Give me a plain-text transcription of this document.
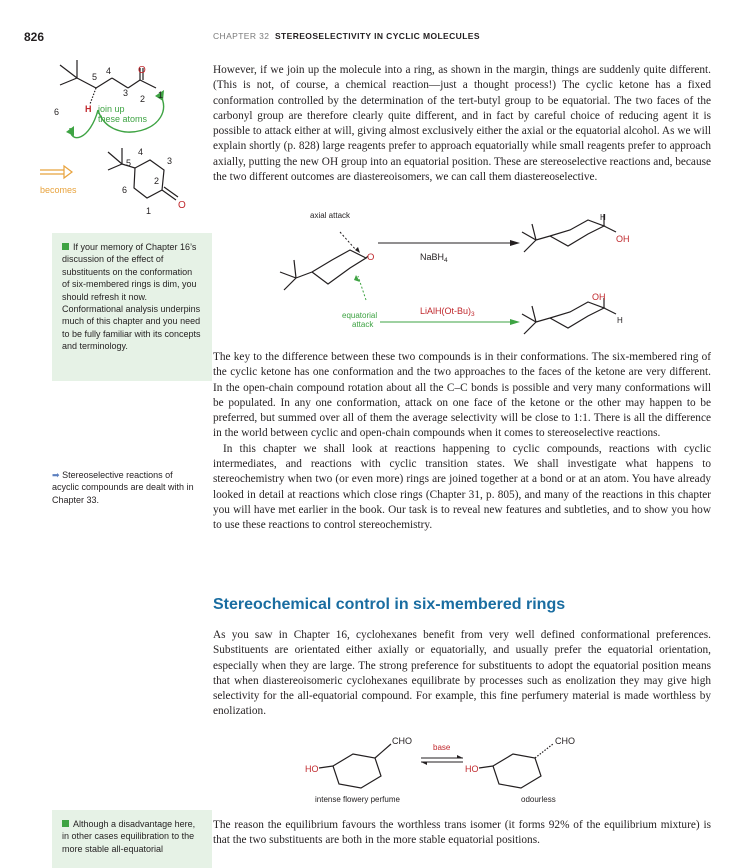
826	CHAPTER 32 STEREOSELECTIVITY IN CYCLIC MOLECULES
O
5
4
3
2 1
6	H join up
these atoms
becomes
4
5	3
2
6
1	O

However, if we join up the molecule into a ring, as shown in the margin, things are suddenly quite different. (This is not, of course, a chemical reaction—just a thought process!) The cyclic ketone has a fixed conformation controlled by the determination of the tert-butyl group to be equatorial. The two faces of the carbonyl group are therefore clearly quite different, and in fact by careful choice of reducing agent it is possible to attack either at will, giving almost exclusively either the axial or the equatorial alcohol. As we will explain shortly (p. 828) large reagents prefer to approach equatorially while small reagents prefer to approach axially, putting the new OH group into an equatorial position. These are stereoselective reactions and, because the two different outcomes are diastereoisomers, we can call them diastereoselective.

If your memory of Chapter 16’s discussion of the effect of substituents on the conformation of six-membered rings is dim, you should refresh it now. Conformational analysis underpins much of this chapter and you need to be fully familiar with its concepts and terminology.
O
axial attack
equatorial
attack
NaBH$_4$
H
OH
$LiAlH(Ot-Bu)_3$
OH
H

The key to the difference between these two compounds is in their conformations. The six-membered ring of the cyclic ketone has one conformation and the two approaches to the faces of the ketone are very different. In the open-chain compound rotation about all the C–C bonds is possible and very many conformations will be populated. In any one conformation, attack on one face of the ketone or the other may happen to be preferred, but summed over all of them the average selectivity will be close to 1:1. There is all the difference in the world between cyclic and open-chain compounds when it comes to stereoselective reactions.

In this chapter we shall look at reactions happening to cyclic compounds, reactions with cyclic intermediates, and reactions with cyclic transition states. We shall investigate what happens to stereochemistry when two (or even more) rings are joined together at a bond or at an atom. You have already looked in detail at reactions which close rings (Chapter 31, p. 805), and many of the reactions in this chapter you will have met earlier in the book. Our task is to reveal new features and subtleties, and to show you how to use these reactions to control stereochemistry.

➡ Stereoselective reactions of acyclic compounds are dealt with in Chapter 33.
Stereochemical control in six-membered rings

As you saw in Chapter 16, cyclohexanes benefit from very well defined conformational preferences. Substituents are orientated either axially or equatorially, and usually prefer the equatorial orientation, especially when they are large. The strong preference for substituents to adopt the equatorial position means that when diastereoisomeric cyclohexanes equilibrate by processes such as enolization they may give high selectivity for the all-equatorial compound. For example, this fine perfumery material is made worthless by enolization.

CHO
HO
base
CHO
HO
intense flowery perfume	odourless

The reason the equilibrium favours the worthless trans isomer (it forms 92% of the equilibrium mixture) is that the two substituents are both in the more stable equatorial positions.

Although a disadvantage here, in other cases equilibration to the more stable all-equatorial
